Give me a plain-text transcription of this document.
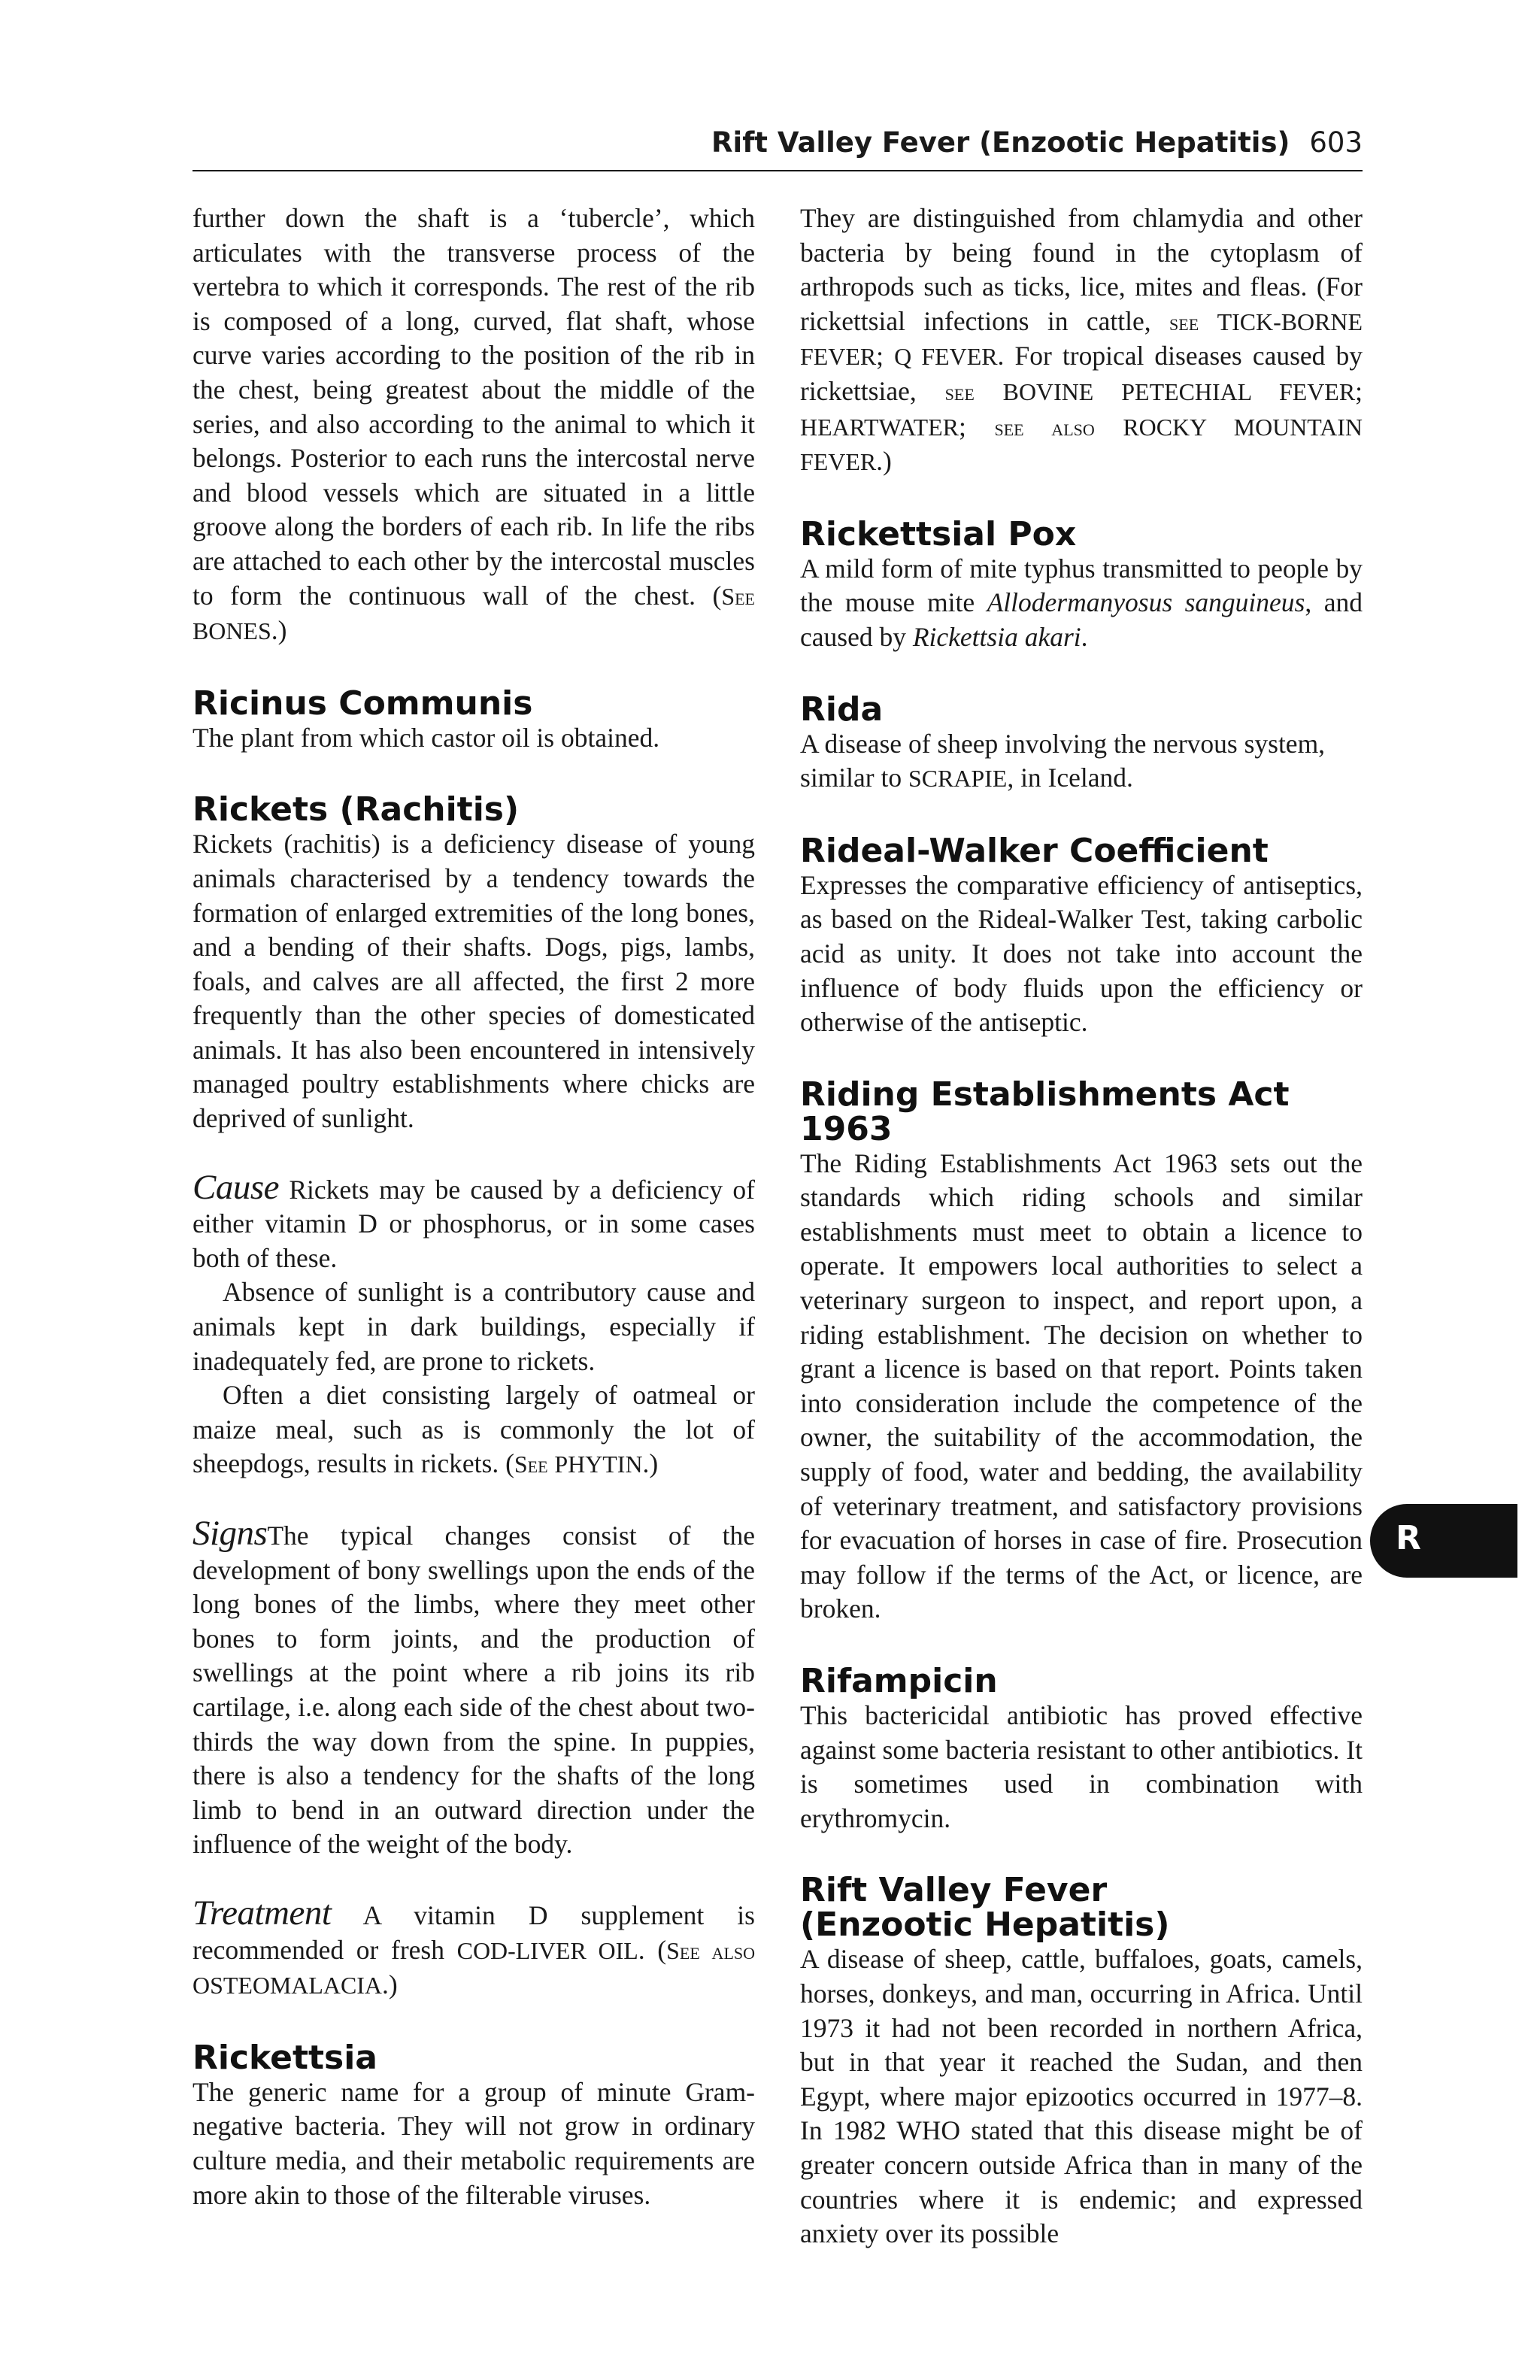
Rift Valley Fever (Enzootic Hepatitis) 603

further down the shaft is a ‘tubercle’, which articulates with the transverse process of the vertebra to which it corresponds. The rest of the rib is composed of a long, curved, flat shaft, whose curve varies according to the position of the rib in the chest, being greatest about the middle of the series, and also according to the animal to which it belongs. Posterior to each runs the intercostal nerve and blood vessels which are situated in a little groove along the borders of each rib. In life the ribs are attached to each other by the intercostal muscles to form the continuous wall of the chest. (See BONES.)

Ricinus Communis

The plant from which castor oil is obtained.

Rickets (Rachitis)

Rickets (rachitis) is a deficiency disease of young animals characterised by a tendency towards the formation of enlarged extremities of the long bones, and a bending of their shafts. Dogs, pigs, lambs, foals, and calves are all affected, the first 2 more frequently than the other species of domesticated animals. It has also been encountered in intensively managed poultry establishments where chicks are deprived of sunlight.

Cause Rickets may be caused by a deficiency of either vitamin D or phosphorus, or in some cases both of these.

Absence of sunlight is a contributory cause and animals kept in dark buildings, especially if inadequately fed, are prone to rickets.

Often a diet consisting largely of oatmeal or maize meal, such as is commonly the lot of sheepdogs, results in rickets. (See PHYTIN.)

SignsThe typical changes consist of the development of bony swellings upon the ends of the long bones of the limbs, where they meet other bones to form joints, and the production of swellings at the point where a rib joins its rib cartilage, i.e. along each side of the chest about two-thirds the way down from the spine. In puppies, there is also a tendency for the shafts of the long limb to bend in an outward direction under the influence of the weight of the body.

Treatment A vitamin D supplement is recommended or fresh COD-LIVER OIL. (See also OSTEOMALACIA.)

Rickettsia

The generic name for a group of minute Gram-negative bacteria. They will not grow in ordinary culture media, and their metabolic requirements are more akin to those of the filterable viruses.

They are distinguished from chlamydia and other bacteria by being found in the cytoplasm of arthropods such as ticks, lice, mites and fleas. (For rickettsial infections in cattle, see TICK-BORNE FEVER; Q FEVER. For tropical diseases caused by rickettsiae, see BOVINE PETECHIAL FEVER; HEARTWATER; see also ROCKY MOUNTAIN FEVER.)

Rickettsial Pox

A mild form of mite typhus transmitted to people by the mouse mite Allodermanyosus sanguineus, and caused by Rickettsia akari.

Rida

A disease of sheep involving the nervous system, similar to SCRAPIE, in Iceland.

Rideal-Walker Coefficient

Expresses the comparative efficiency of antiseptics, as based on the Rideal-Walker Test, taking carbolic acid as unity. It does not take into account the influence of body fluids upon the efficiency or otherwise of the antiseptic.

Riding Establishments Act 1963

The Riding Establishments Act 1963 sets out the standards which riding schools and similar establishments must meet to obtain a licence to operate. It empowers local authorities to select a veterinary surgeon to inspect, and report upon, a riding establishment. The decision on whether to grant a licence is based on that report. Points taken into consideration include the competence of the owner, the suitability of the accommodation, the supply of food, water and bedding, the availability of veterinary treatment, and satisfactory provisions for evacuation of horses in case of fire. Prosecution may follow if the terms of the Act, or licence, are broken.

Rifampicin

This bactericidal antibiotic has proved effective against some bacteria resistant to other antibiotics. It is sometimes used in combination with erythromycin.

Rift Valley Fever
(Enzootic Hepatitis)

A disease of sheep, cattle, buffaloes, goats, camels, horses, donkeys, and man, occurring in Africa. Until 1973 it had not been recorded in northern Africa, but in that year it reached the Sudan, and then Egypt, where major epizootics occurred in 1977–8. In 1982 WHO stated that this disease might be of greater concern outside Africa than in many of the countries where it is endemic; and expressed anxiety over its possible

R
